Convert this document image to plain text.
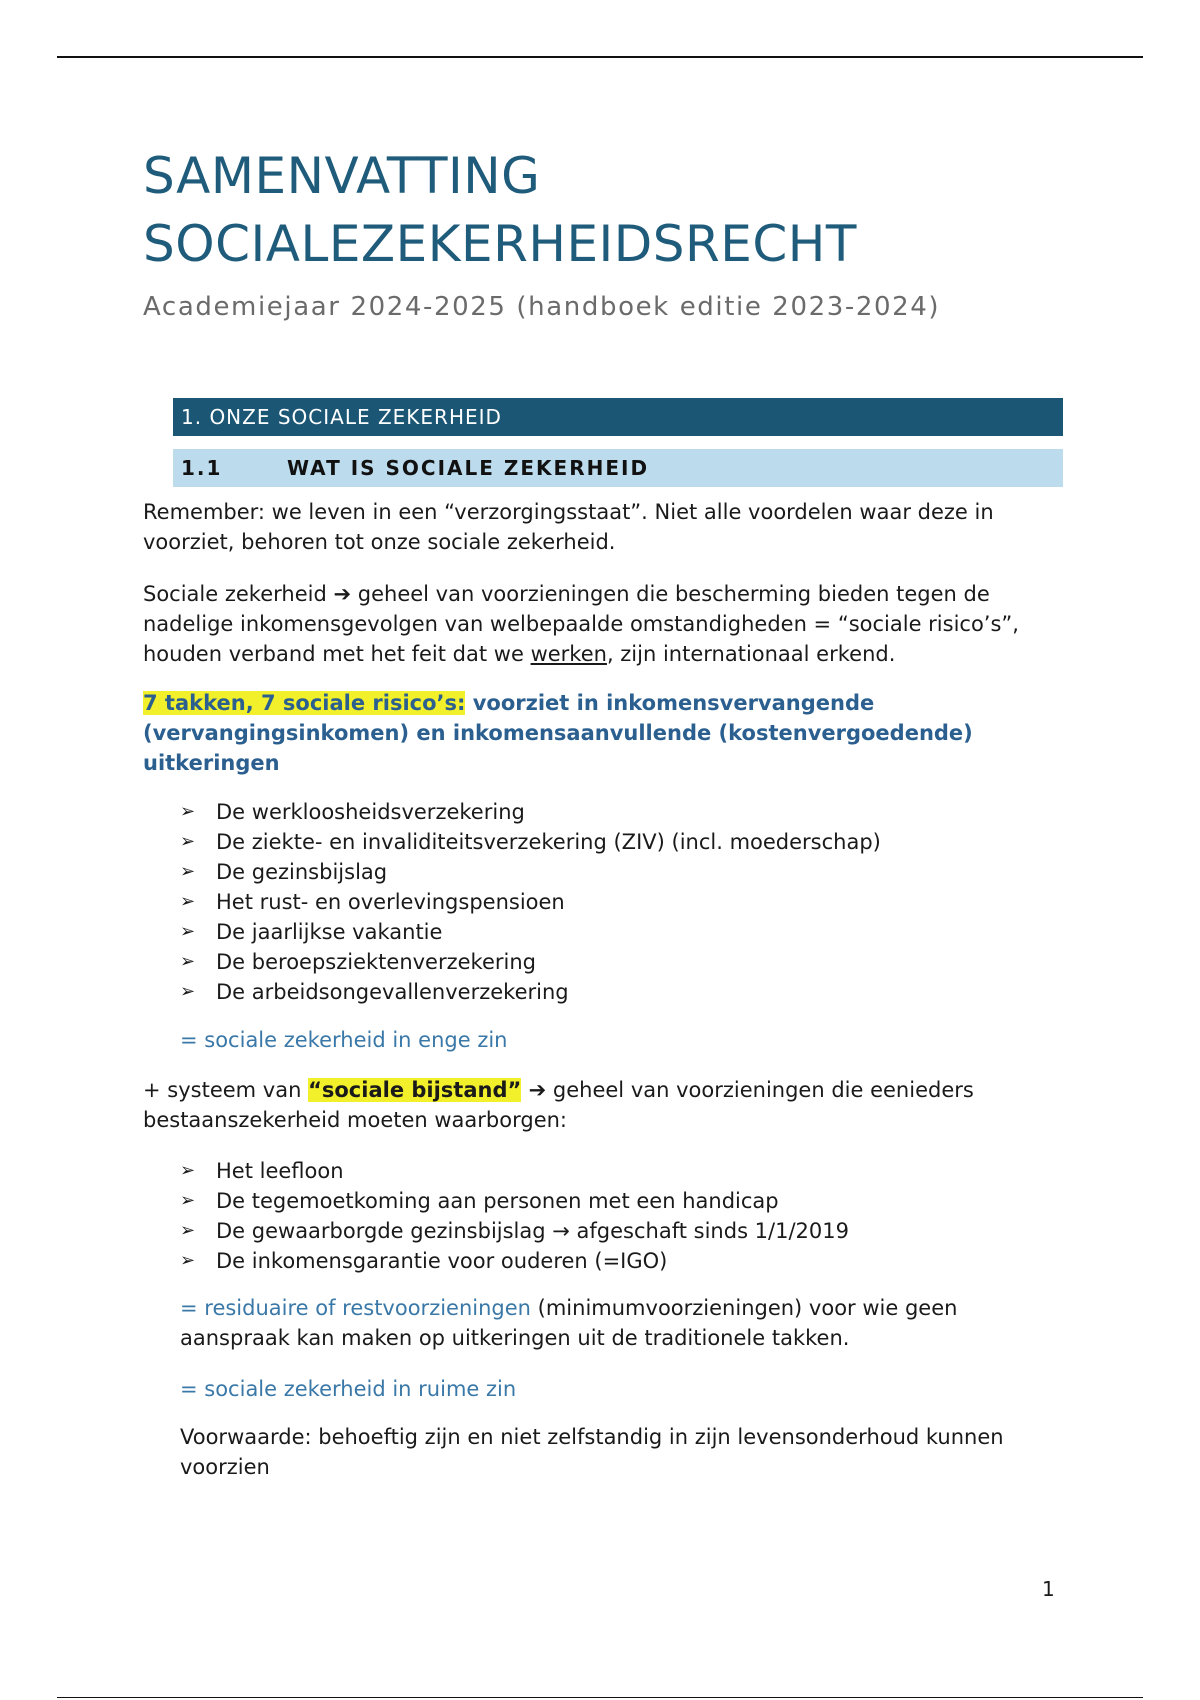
SAMENVATTING
SOCIALEZEKERHEIDSRECHT

Academiejaar 2024-2025 (handboek editie 2023-2024)

1. ONZE SOCIALE ZEKERHEID
1.1	WAT IS SOCIALE ZEKERHEID

Remember: we leven in een “verzorgingsstaat”. Niet alle voordelen waar deze in voorziet, behoren tot onze sociale zekerheid.

Sociale zekerheid ➔ geheel van voorzieningen die bescherming bieden tegen de nadelige inkomensgevolgen van welbepaalde omstandigheden = “sociale risico’s”, houden verband met het feit dat we werken, zijn internationaal erkend.

7 takken, 7 sociale risico’s: voorziet in inkomensvervangende (vervangingsinkomen) en inkomensaanvullende (kostenvergoedende) uitkeringen

➢ De werkloosheidsverzekering
➢ De ziekte- en invaliditeitsverzekering (ZIV) (incl. moederschap)
➢ De gezinsbijslag
➢ Het rust- en overlevingspensioen
➢ De jaarlijkse vakantie
➢ De beroepsziektenverzekering
➢ De arbeidsongevallenverzekering

= sociale zekerheid in enge zin

+ systeem van “sociale bijstand” ➔ geheel van voorzieningen die eenieders bestaanszekerheid moeten waarborgen:

➢ Het leefloon
➢ De tegemoetkoming aan personen met een handicap
➢ De gewaarborgde gezinsbijslag → afgeschaft sinds 1/1/2019
➢ De inkomensgarantie voor ouderen (=IGO)

= residuaire of restvoorzieningen (minimumvoorzieningen) voor wie geen aanspraak kan maken op uitkeringen uit de traditionele takken.

= sociale zekerheid in ruime zin

Voorwaarde: behoeftig zijn en niet zelfstandig in zijn levensonderhoud kunnen voorzien

1
